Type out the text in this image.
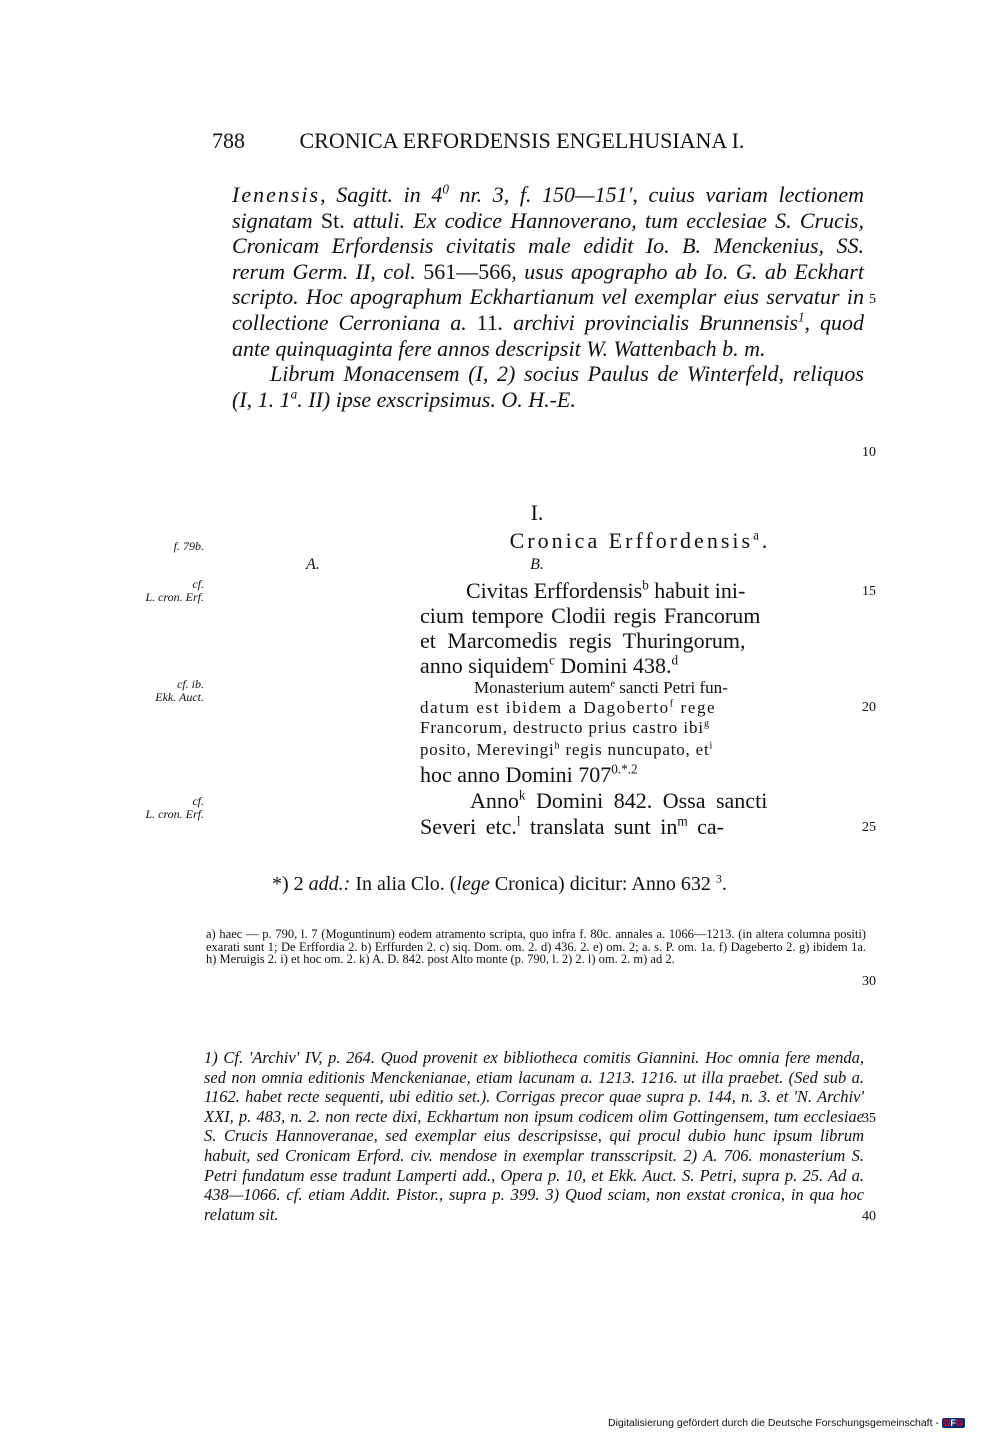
788 CRONICA ERFORDENSIS ENGELHUSIANA I.

Ienensis, Sagitt. in $4^0$ nr. 3, f. 150—151′, cuius variam lectionem signatam St. attuli. Ex codice Hannoverano, tum ecclesiae S. Crucis, Cronicam Erfordensis civitatis male edidit Io. B. Menckenius, SS. rerum Germ. II, col. 561—566, usus apographo ab Io. G. ab Eckhart scripto. Hoc apographum Eckhartianum vel exemplar eius servatur in collectione Cerroniana a. 11. archivi provincialis Brunnensis$^1$, quod ante quinquaginta fere annos descripsit W. Wattenbach b. m.

Librum Monacensem (I, 2) socius Paulus de Winterfeld, reliquos (I, 1. 1$^a$. II) ipse exscripsimus. O. H.-E.

5
10
15
20
25
30
35
40
f. 79b.
cf.
L. cron. Erf.
cf. ib.
Ekk. Auct.
cf.
L. cron. Erf.
I.
Cronica Erffordensis$^a$.
A.	B.
Civitas Erffordensis$^b$ habuit ini-
cium tempore Clodii regis Francorum
et Marcomedis regis Thuringorum,
anno siquidem$^c$ Domini 438.$^d$
Monasterium autem$^e$ sancti Petri fun-
datum est ibidem a Dagoberto$^f$ rege
Francorum, destructo prius castro ibi$^g$
posito, Merevingi$^h$ regis nuncupato, $et^i$
hoc anno Domini $707^{0.*.2}$
Anno$^k$ Domini 842. Ossa sancti
Severi etc.$^l$ translata sunt $in^m$ ca-
*) 2 add.: In alia Clo. (lege Cronica) dicitur: Anno 632 $^3$.
a) haec — p. 790, l. 7 (Moguntinum) eodem atramento scripta, quo infra f. 80c. annales a. 1066—1213. (in altera columna positi) exarati sunt 1; De Erffordia 2. b) Erffurden 2. c) siq. Dom. om. 2. d) 436. 2. e) om. 2; a. s. P. om. 1a. f) Dageberto 2. g) ibidem 1a. h) Meruigis 2. i) et hoc om. 2. k) A. D. 842. post Alto monte (p. 790, l. 2) 2. l) om. 2. m) ad 2.
1) Cf. 'Archiv' IV, p. 264. Quod provenit ex bibliotheca comitis Giannini. Hoc omnia fere menda, sed non omnia editionis Menckenianae, etiam lacunam a. 1213. 1216. ut illa praebet. (Sed sub a. 1162. habet recte sequenti, ubi editio set.). Corrigas precor quae supra p. 144, n. 3. et 'N. Archiv' XXI, p. 483, n. 2. non recte dixi, Eckhartum non ipsum codicem olim Gottingensem, tum ecclesiae S. Crucis Hannoveranae, sed exemplar eius descripsisse, qui procul dubio hunc ipsum librum habuit, sed Cronicam Erford. civ. mendose in exemplar transscripsit. 2) A. 706. monasterium S. Petri fundatum esse tradunt Lamperti add., Opera p. 10, et Ekk. Auct. S. Petri, supra p. 25. Ad a. 438—1066. cf. etiam Addit. Pistor., supra p. 399. 3) Quod sciam, non exstat cronica, in qua hoc relatum sit.
Digitalisierung gefördert durch die Deutsche Forschungsgemeinschaft - DFG
